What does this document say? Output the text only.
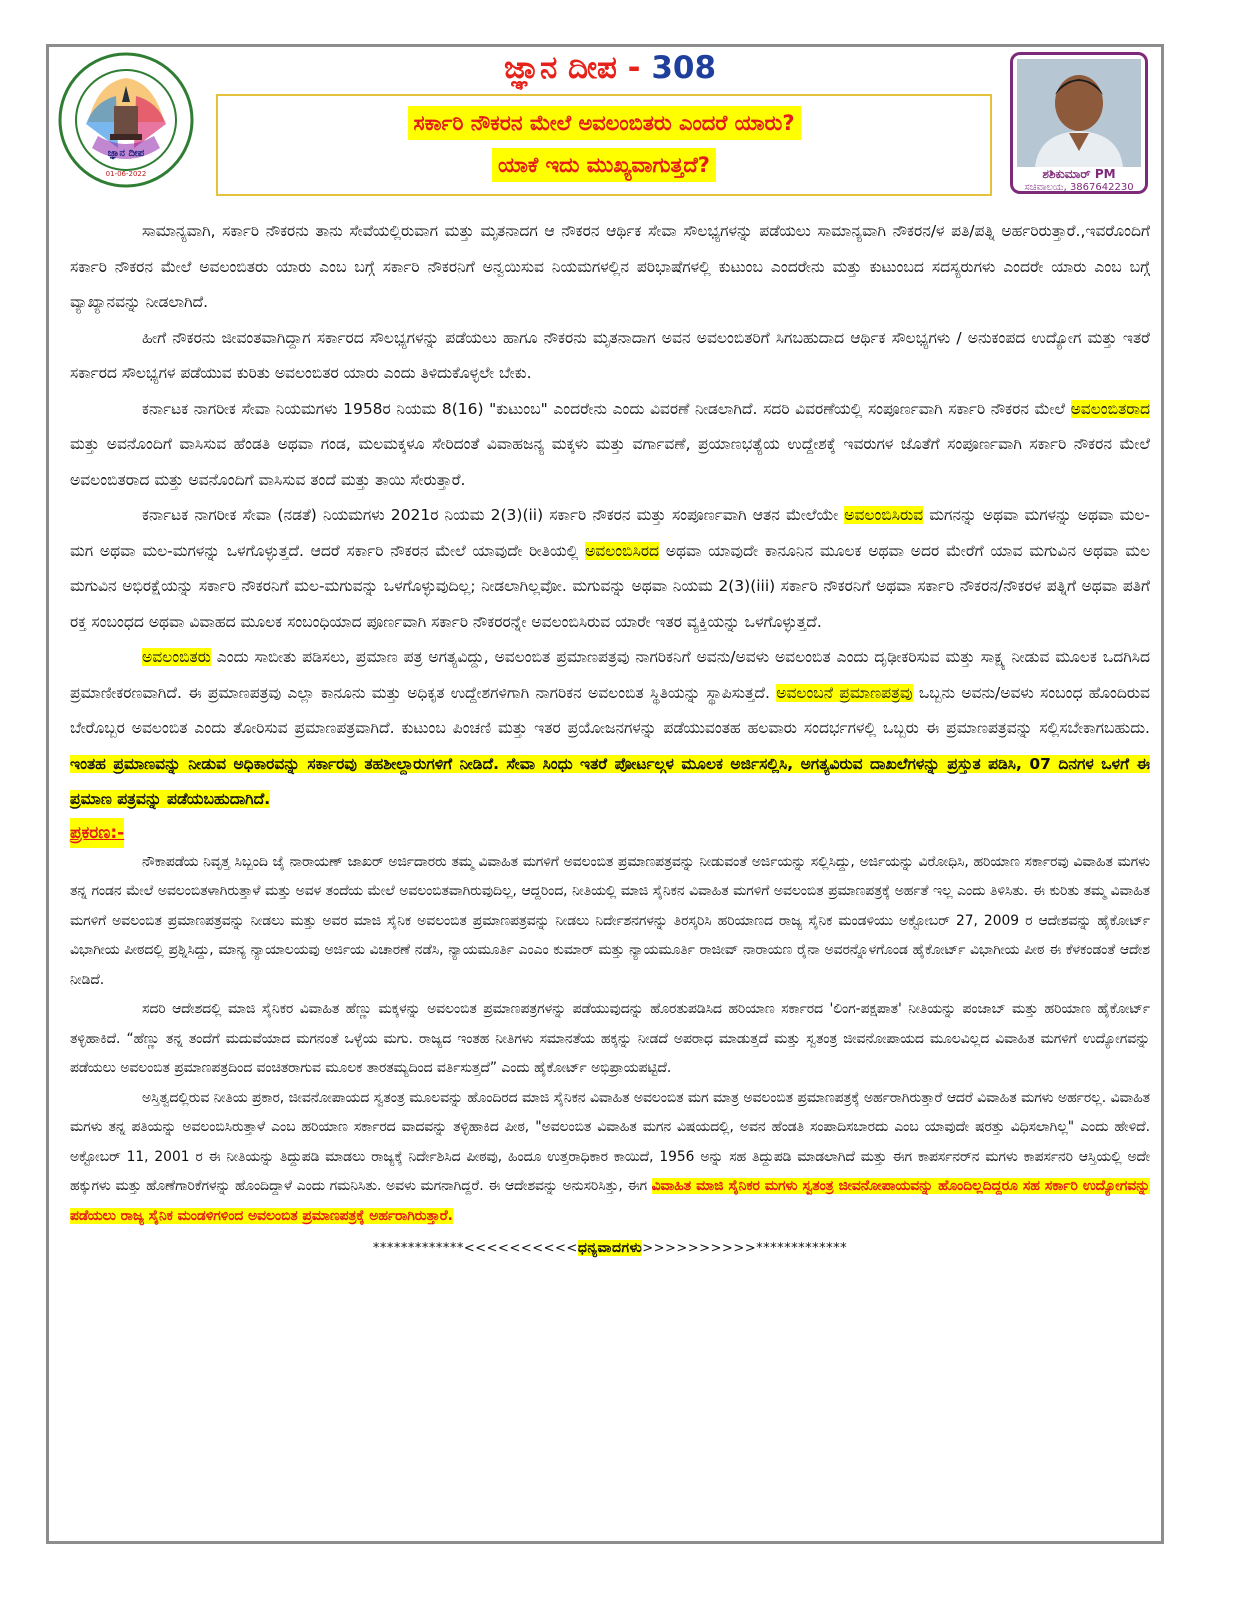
ಜ್ಞಾನ ದೀಪ
01-06-2022
ಜ್ಞಾನ ದೀಪ - 308
ಸರ್ಕಾರಿ ನೌಕರನ ಮೇಲೆ ಅವಲಂಬಿತರು ಎಂದರೆ ಯಾರು?
ಯಾಕೆ ಇದು ಮುಖ್ಯವಾಗುತ್ತದೆ?	ಶಶಿಕುಮಾರ್ PM
ಸಚಿವಾಲಯ, 3867642230

ಸಾಮಾನ್ಯವಾಗಿ, ಸರ್ಕಾರಿ ನೌಕರನು ತಾನು ಸೇವೆಯಲ್ಲಿರುವಾಗ ಮತ್ತು ಮೃತನಾದಗ ಆ ನೌಕರನ ಆರ್ಥಿಕ ಸೇವಾ ಸೌಲಭ್ಯಗಳನ್ನು ಪಡೆಯಲು ಸಾಮಾನ್ಯವಾಗಿ ನೌಕರನ/ಳ ಪತಿ/ಪತ್ನಿ ಅರ್ಹರಿರುತ್ತಾರೆ.,ಇವರೊಂದಿಗೆ ಸರ್ಕಾರಿ ನೌಕರನ ಮೇಲೆ ಅವಲಂಬಿತರು ಯಾರು ಎಂಬ ಬಗ್ಗೆ ಸರ್ಕಾರಿ ನೌಕರನಿಗೆ ಅನ್ವಯಿಸುವ ನಿಯಮಗಳಲ್ಲಿನ ಪರಿಭಾಷೆಗಳಲ್ಲಿ ಕುಟುಂಬ ಎಂದರೇನು ಮತ್ತು ಕುಟುಂಬದ ಸದಸ್ಯರುಗಳು ಎಂದರೇ ಯಾರು ಎಂಬ ಬಗ್ಗೆ ವ್ಯಾಖ್ಯಾನವನ್ನು ನೀಡಲಾಗಿದೆ.

ಹೀಗೆ ನೌಕರನು ಜೀವಂತವಾಗಿದ್ದಾಗ ಸರ್ಕಾರದ ಸೌಲಭ್ಯಗಳನ್ನು ಪಡೆಯಲು ಹಾಗೂ ನೌಕರನು ಮೃತನಾದಾಗ ಅವನ ಅವಲಂಬಿತರಿಗೆ ಸಿಗಬಹುದಾದ ಆರ್ಥಿಕ ಸೌಲಭ್ಯಗಳು / ಅನುಕಂಪದ ಉದ್ಯೋಗ ಮತ್ತು ಇತರೆ ಸರ್ಕಾರದ ಸೌಲಭ್ಯಗಳ ಪಡೆಯುವ ಕುರಿತು ಅವಲಂಬಿತರ ಯಾರು ಎಂದು ತಿಳಿದುಕೊಳ್ಳಲೇ ಬೇಕು.

ಕರ್ನಾಟಕ ನಾಗರೀಕ ಸೇವಾ ನಿಯಮಗಳು 1958ರ ನಿಯಮ 8(16) "ಕುಟುಂಬ" ಎಂದರೇನು ಎಂದು ವಿವರಣೆ ನೀಡಲಾಗಿದೆ. ಸದರಿ ವಿವರಣೆಯಲ್ಲಿ ಸಂಪೂರ್ಣವಾಗಿ ಸರ್ಕಾರಿ ನೌಕರನ ಮೇಲೆ ಅವಲಂಬಿತರಾದ ಮತ್ತು ಅವನೊಂದಿಗೆ ವಾಸಿಸುವ ಹೆಂಡತಿ ಅಥವಾ ಗಂಡ, ಮಲಮಕ್ಕಳೂ ಸೇರಿದಂತೆ ವಿವಾಹಜನ್ಯ ಮಕ್ಕಳು ಮತ್ತು ವರ್ಗಾವಣೆ, ಪ್ರಯಾಣಭತ್ಯೆಯ ಉದ್ದೇಶಕ್ಕೆ ಇವರುಗಳ ಜೊತೆಗೆ ಸಂಪೂರ್ಣವಾಗಿ ಸರ್ಕಾರಿ ನೌಕರನ ಮೇಲೆ ಅವಲಂಬಿತರಾದ ಮತ್ತು ಅವನೊಂದಿಗೆ ವಾಸಿಸುವ ತಂದೆ ಮತ್ತು ತಾಯಿ ಸೇರುತ್ತಾರೆ.

ಕರ್ನಾಟಕ ನಾಗರೀಕ ಸೇವಾ (ನಡತೆ) ನಿಯಮಗಳು 2021ರ ನಿಯಮ 2(3)(ii) ಸರ್ಕಾರಿ ನೌಕರನ ಮತ್ತು ಸಂಪೂರ್ಣವಾಗಿ ಆತನ ಮೇಲೆಯೇ ಅವಲಂಬಿಸಿರುವ ಮಗನನ್ನು ಅಥವಾ ಮಗಳನ್ನು ಅಥವಾ ಮಲ-ಮಗ ಅಥವಾ ಮಲ-ಮಗಳನ್ನು ಒಳಗೊಳ್ಳುತ್ತದೆ. ಆದರೆ ಸರ್ಕಾರಿ ನೌಕರನ ಮೇಲೆ ಯಾವುದೇ ರೀತಿಯಲ್ಲಿ ಅವಲಂಬಿಸಿರದ ಅಥವಾ ಯಾವುದೇ ಕಾನೂನಿನ ಮೂಲಕ ಅಥವಾ ಅದರ ಮೇರೆಗೆ ಯಾವ ಮಗುವಿನ ಅಥವಾ ಮಲ ಮಗುವಿನ ಅಭಿರಕ್ಷೆಯನ್ನು ಸರ್ಕಾರಿ ನೌಕರನಿಗೆ ಮಲ-ಮಗುವನ್ನು ಒಳಗೊಳ್ಳುವುದಿಲ್ಲ; ನೀಡಲಾಗಿಲ್ಲವೋ. ಮಗುವನ್ನು ಅಥವಾ ನಿಯಮ 2(3)(iii) ಸರ್ಕಾರಿ ನೌಕರನಿಗೆ ಅಥವಾ ಸರ್ಕಾರಿ ನೌಕರನ/ನೌಕರಳ ಪತ್ನಿಗೆ ಅಥವಾ ಪತಿಗೆ ರಕ್ತ ಸಂಬಂಧದ ಅಥವಾ ವಿವಾಹದ ಮೂಲಕ ಸಂಬಂಧಿಯಾದ ಪೂರ್ಣವಾಗಿ ಸರ್ಕಾರಿ ನೌಕರರನ್ನೇ ಅವಲಂಬಿಸಿರುವ ಯಾರೇ ಇತರ ವ್ಯಕ್ತಿಯನ್ನು ಒಳಗೊಳ್ಳುತ್ತದೆ.

ಅವಲಂಬಿತರು ಎಂದು ಸಾಬೀತು ಪಡಿಸಲು, ಪ್ರಮಾಣ ಪತ್ರ ಅಗತ್ಯವಿದ್ದು, ಅವಲಂಬಿತ ಪ್ರಮಾಣಪತ್ರವು ನಾಗರಿಕನಿಗೆ ಅವನು/ಅವಳು ಅವಲಂಬಿತ ಎಂದು ದೃಢೀಕರಿಸುವ ಮತ್ತು ಸಾಕ್ಷ್ಯ ನೀಡುವ ಮೂಲಕ ಒದಗಿಸಿದ ಪ್ರಮಾಣೀಕರಣವಾಗಿದೆ. ಈ ಪ್ರಮಾಣಪತ್ರವು ಎಲ್ಲಾ ಕಾನೂನು ಮತ್ತು ಅಧಿಕೃತ ಉದ್ದೇಶಗಳಿಗಾಗಿ ನಾಗರಿಕನ ಅವಲಂಬಿತ ಸ್ಥಿತಿಯನ್ನು ಸ್ಥಾಪಿಸುತ್ತದೆ. ಅವಲಂಬನೆ ಪ್ರಮಾಣಪತ್ರವು ಒಬ್ಬನು ಅವನು/ಅವಳು ಸಂಬಂಧ ಹೊಂದಿರುವ ಬೇರೊಬ್ಬರ ಅವಲಂಬಿತ ಎಂದು ತೋರಿಸುವ ಪ್ರಮಾಣಪತ್ರವಾಗಿದೆ. ಕುಟುಂಬ ಪಿಂಚಣಿ ಮತ್ತು ಇತರ ಪ್ರಯೋಜನಗಳನ್ನು ಪಡೆಯುವಂತಹ ಹಲವಾರು ಸಂದರ್ಭಗಳಲ್ಲಿ ಒಬ್ಬರು ಈ ಪ್ರಮಾಣಪತ್ರವನ್ನು ಸಲ್ಲಿಸಬೇಕಾಗಬಹುದು. ಇಂತಹ ಪ್ರಮಾಣವನ್ನು ನೀಡುವ ಅಧಿಕಾರವನ್ನು ಸರ್ಕಾರವು ತಹಶೀಲ್ದಾರುಗಳಿಗೆ ನೀಡಿದೆ. ಸೇವಾ ಸಿಂಧು ಇತರೆ ಪೋರ್ಟಲ್ಗಳ ಮೂಲಕ ಅರ್ಜಿಸಲ್ಲಿಸಿ, ಅಗತ್ಯವಿರುವ ದಾಖಲೆಗಳನ್ನು ಪ್ರಸ್ತುತ ಪಡಿಸಿ, 07 ದಿನಗಳ ಒಳಗೆ ಈ ಪ್ರಮಾಣ ಪತ್ರವನ್ನು ಪಡೆಯಬಹುದಾಗಿದೆ.

ಪ್ರಕರಣ:-

ನೌಕಾಪಡೆಯ ನಿವೃತ್ತ ಸಿಬ್ಬಂದಿ ಜೈ ನಾರಾಯಣ್ ಜಾಖರ್ ಅರ್ಜಿದಾರರು ತಮ್ಮ ವಿವಾಹಿತ ಮಗಳಿಗೆ ಅವಲಂಬಿತ ಪ್ರಮಾಣಪತ್ರವನ್ನು ನೀಡುವಂತೆ ಅರ್ಜಿಯನ್ನು ಸಲ್ಲಿಸಿದ್ದು, ಅರ್ಜಿಯನ್ನು ವಿರೋಧಿಸಿ, ಹರಿಯಾಣ ಸರ್ಕಾರವು ವಿವಾಹಿತ ಮಗಳು ತನ್ನ ಗಂಡನ ಮೇಲೆ ಅವಲಂಬಿತಳಾಗಿರುತ್ತಾಳೆ ಮತ್ತು ಅವಳ ತಂದೆಯ ಮೇಲೆ ಅವಲಂಬಿತವಾಗಿರುವುದಿಲ್ಲ, ಆದ್ದರಿಂದ, ನೀತಿಯಲ್ಲಿ ಮಾಜಿ ಸೈನಿಕನ ವಿವಾಹಿತ ಮಗಳಿಗೆ ಅವಲಂಬಿತ ಪ್ರಮಾಣಪತ್ರಕ್ಕೆ ಅರ್ಹತೆ ಇಲ್ಲ ಎಂದು ತಿಳಿಸಿತು. ಈ ಕುರಿತು ತಮ್ಮ ವಿವಾಹಿತ ಮಗಳಿಗೆ ಅವಲಂಬಿತ ಪ್ರಮಾಣಪತ್ರವನ್ನು ನೀಡಲು ಮತ್ತು ಅವರ ಮಾಜಿ ಸೈನಿಕ ಅವಲಂಬಿತ ಪ್ರಮಾಣಪತ್ರವನ್ನು ನೀಡಲು ನಿರ್ದೇಶನಗಳನ್ನು ತಿರಸ್ಕರಿಸಿ ಹರಿಯಾಣದ ರಾಜ್ಯ ಸೈನಿಕ ಮಂಡಳಿಯು ಅಕ್ಟೋಬರ್ 27, 2009 ರ ಆದೇಶವನ್ನು ಹೈಕೋರ್ಟ್ ವಿಭಾಗೀಯ ಪೀಠದಲ್ಲಿ ಪ್ರಶ್ನಿಸಿದ್ದು, ಮಾನ್ಯ ನ್ಯಾಯಾಲಯವು ಅರ್ಜಿಯ ವಿಚಾರಣೆ ನಡೆಸಿ, ನ್ಯಾಯಮೂರ್ತಿ ಎಂಎಂ ಕುಮಾರ್ ಮತ್ತು ನ್ಯಾಯಮೂರ್ತಿ ರಾಜೀವ್ ನಾರಾಯಣ ರೈನಾ ಅವರನ್ನೊಳಗೊಂಡ ಹೈಕೋರ್ಟ್ ವಿಭಾಗೀಯ ಪೀಠ ಈ ಕೆಳಕಂಡಂತೆ ಆದೇಶ ನೀಡಿದೆ.

ಸದರಿ ಆದೇಶದಲ್ಲಿ ಮಾಜಿ ಸೈನಿಕರ ವಿವಾಹಿತ ಹೆಣ್ಣು ಮಕ್ಕಳನ್ನು ಅವಲಂಬಿತ ಪ್ರಮಾಣಪತ್ರಗಳನ್ನು ಪಡೆಯುವುದನ್ನು ಹೊರತುಪಡಿಸಿದ ಹರಿಯಾಣ ಸರ್ಕಾರದ 'ಲಿಂಗ-ಪಕ್ಷಪಾತ' ನೀತಿಯನ್ನು ಪಂಜಾಬ್ ಮತ್ತು ಹರಿಯಾಣ ಹೈಕೋರ್ಟ್ ತಳ್ಳಿಹಾಕಿದೆ. “ಹೆಣ್ಣು ತನ್ನ ತಂದೆಗೆ ಮದುವೆಯಾದ ಮಗನಂತೆ ಒಳ್ಳೆಯ ಮಗು. ರಾಜ್ಯದ ಇಂತಹ ನೀತಿಗಳು ಸಮಾನತೆಯ ಹಕ್ಕನ್ನು ನೀಡದೆ ಅಪರಾಧ ಮಾಡುತ್ತದೆ ಮತ್ತು ಸ್ವತಂತ್ರ ಜೀವನೋಪಾಯದ ಮೂಲವಿಲ್ಲದ ವಿವಾಹಿತ ಮಗಳಿಗೆ ಉದ್ಯೋಗವನ್ನು ಪಡೆಯಲು ಅವಲಂಬಿತ ಪ್ರಮಾಣಪತ್ರದಿಂದ ವಂಚಿತರಾಗುವ ಮೂಲಕ ತಾರತಮ್ಯದಿಂದ ವರ್ತಿಸುತ್ತದೆ” ಎಂದು ಹೈಕೋರ್ಟ್ ಅಭಿಪ್ರಾಯಪಟ್ಟಿದೆ.

ಅಸ್ತಿತ್ವದಲ್ಲಿರುವ ನೀತಿಯ ಪ್ರಕಾರ, ಜೀವನೋಪಾಯದ ಸ್ವತಂತ್ರ ಮೂಲವನ್ನು ಹೊಂದಿರದ ಮಾಜಿ ಸೈನಿಕನ ವಿವಾಹಿತ ಅವಲಂಬಿತ ಮಗ ಮಾತ್ರ ಅವಲಂಬಿತ ಪ್ರಮಾಣಪತ್ರಕ್ಕೆ ಅರ್ಹರಾಗಿರುತ್ತಾರೆ ಆದರೆ ವಿವಾಹಿತ ಮಗಳು ಅರ್ಹರಲ್ಲ. ವಿವಾಹಿತ ಮಗಳು ತನ್ನ ಪತಿಯನ್ನು ಅವಲಂಬಿಸಿರುತ್ತಾಳೆ ಎಂಬ ಹರಿಯಾಣ ಸರ್ಕಾರದ ವಾದವನ್ನು ತಳ್ಳಿಹಾಕಿದ ಪೀಠ, "ಅವಲಂಬಿತ ವಿವಾಹಿತ ಮಗನ ವಿಷಯದಲ್ಲಿ, ಅವನ ಹೆಂಡತಿ ಸಂಪಾದಿಸಬಾರದು ಎಂಬ ಯಾವುದೇ ಷರತ್ತು ವಿಧಿಸಲಾಗಿಲ್ಲ" ಎಂದು ಹೇಳಿದೆ. ಅಕ್ಟೋಬರ್ 11, 2001 ರ ಈ ನೀತಿಯನ್ನು ತಿದ್ದುಪಡಿ ಮಾಡಲು ರಾಜ್ಯಕ್ಕೆ ನಿರ್ದೇಶಿಸಿದ ಪೀಠವು, ಹಿಂದೂ ಉತ್ತರಾಧಿಕಾರ ಕಾಯಿದೆ, 1956 ಅನ್ನು ಸಹ ತಿದ್ದುಪಡಿ ಮಾಡಲಾಗಿದೆ ಮತ್ತು ಈಗ ಕಾಪರ್ಸನರ್‌ನ ಮಗಳು ಕಾಪರ್ಸನರಿ ಆಸ್ತಿಯಲ್ಲಿ ಅದೇ ಹಕ್ಕುಗಳು ಮತ್ತು ಹೊಣೆಗಾರಿಕೆಗಳನ್ನು ಹೊಂದಿದ್ದಾಳೆ ಎಂದು ಗಮನಿಸಿತು. ಅವಳು ಮಗನಾಗಿದ್ದರೆ. ಈ ಆದೇಶವನ್ನು ಅನುಸರಿಸಿತ್ತು, ಈಗ ವಿವಾಹಿತ ಮಾಜಿ ಸೈನಿಕರ ಮಗಳು ಸ್ವತಂತ್ರ ಜೀವನೋಪಾಯವನ್ನು ಹೊಂದಿಲ್ಲದಿದ್ದರೂ ಸಹ ಸರ್ಕಾರಿ ಉದ್ಯೋಗವನ್ನು ಪಡೆಯಲು ರಾಜ್ಯ ಸೈನಿಕ ಮಂಡಳಿಗಳಿಂದ ಅವಲಂಬಿತ ಪ್ರಮಾಣಪತ್ರಕ್ಕೆ ಅರ್ಹರಾಗಿರುತ್ತಾರೆ.

*************<<<<<<<<<<ಧನ್ಯವಾದಗಳು>>>>>>>>>>*************
